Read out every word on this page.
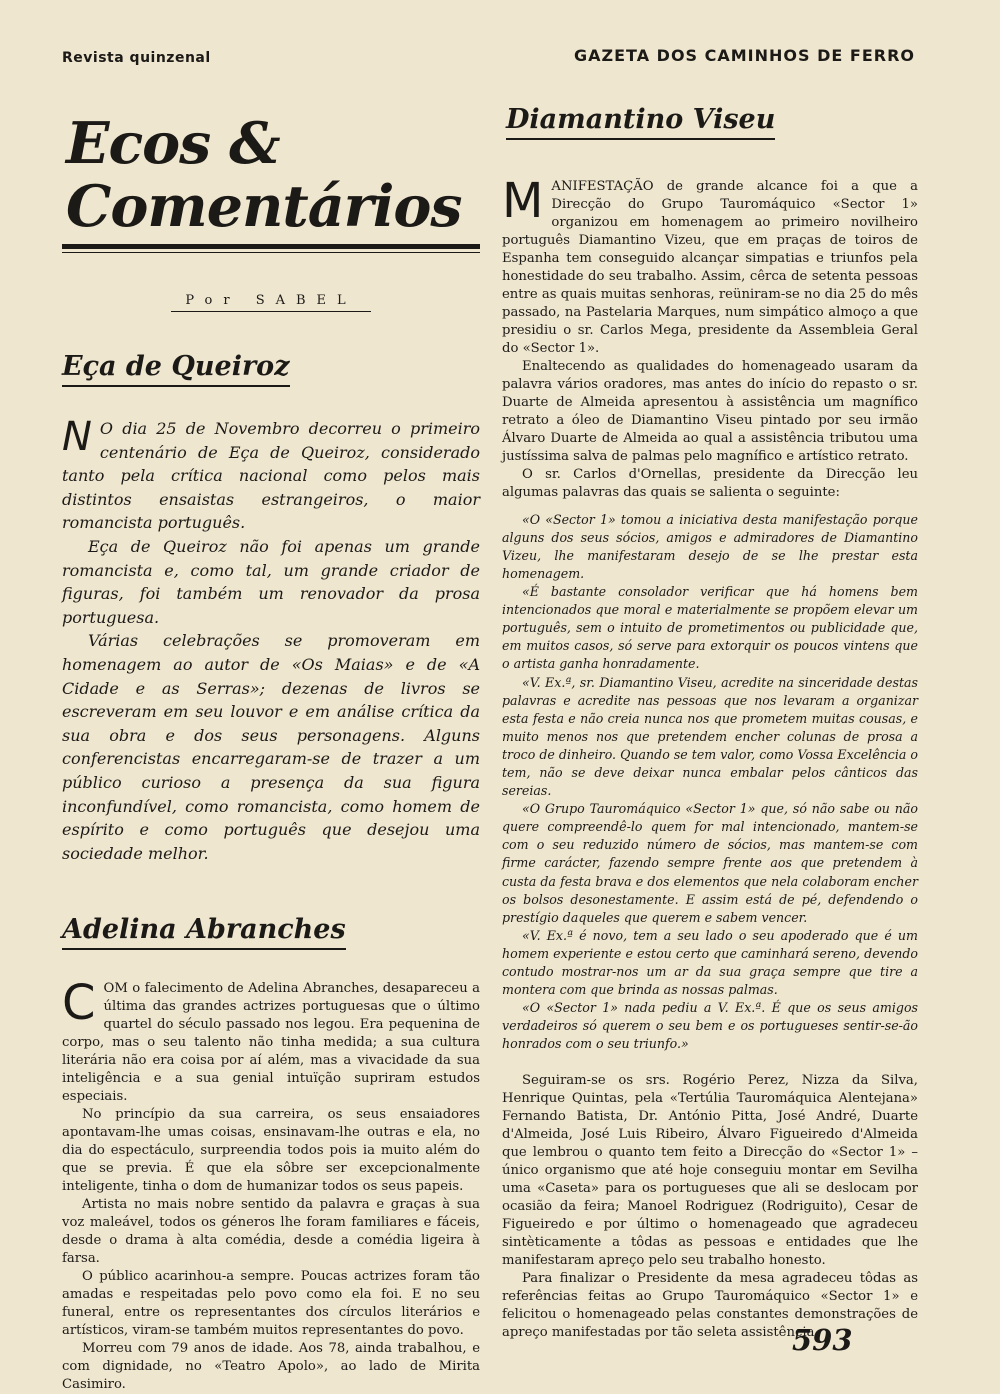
Revista quinzenal	GAZETA DOS CAMINHOS DE FERRO
Ecos & Comentários
Por SABEL
Eça de Queiroz

N O dia 25 de Novembro decorreu o primeiro centenário de Eça de Queiroz, considerado tanto pela crítica nacional como pelos mais distintos ensaistas estrangeiros, o maior romancista português.

Eça de Queiroz não foi apenas um grande romancista e, como tal, um grande criador de figuras, foi também um renovador da prosa portuguesa.

Várias celebrações se promoveram em homenagem ao autor de «Os Maias» e de «A Cidade e as Serras»; dezenas de livros se escreveram em seu louvor e em análise crítica da sua obra e dos seus personagens. Alguns conferencistas encarregaram-se de trazer a um público curioso a presença da sua figura inconfundível, como romancista, como homem de espírito e como português que desejou uma sociedade melhor.

Adelina Abranches

COM o falecimento de Adelina Abranches, desapareceu a última das grandes actrizes portuguesas que o último quartel do século passado nos legou. Era pequenina de corpo, mas o seu talento não tinha medida; a sua cultura literária não era coisa por aí além, mas a vivacidade da sua inteligência e a sua genial intuïção supriram estudos especiais.

No princípio da sua carreira, os seus ensaiadores apontavam-lhe umas coisas, ensinavam-lhe outras e ela, no dia do espectáculo, surpreendia todos pois ia muito além do que se previa. É que ela sôbre ser excepcionalmente inteligente, tinha o dom de humanizar todos os seus papeis.

Artista no mais nobre sentido da palavra e graças à sua voz maleável, todos os géneros lhe foram familiares e fáceis, desde o drama à alta comédia, desde a comédia ligeira à farsa.

O público acarinhou-a sempre. Poucas actrizes foram tão amadas e respeitadas pelo povo como ela foi. E no seu funeral, entre os representantes dos círculos literários e artísticos, viram-se também muitos representantes do povo.

Morreu com 79 anos de idade. Aos 78, ainda trabalhou, e com dignidade, no «Teatro Apolo», ao lado de Mirita Casimiro.

Diamantino Viseu

MANIFESTAÇÃO de grande alcance foi a que a Direcção do Grupo Tauromáquico «Sector 1» organizou em homenagem ao primeiro novilheiro português Diamantino Vizeu, que em praças de toiros de Espanha tem conseguido alcançar simpatias e triunfos pela honestidade do seu trabalho. Assim, cêrca de setenta pessoas entre as quais muitas senhoras, reüniram-se no dia 25 do mês passado, na Pastelaria Marques, num simpático almoço a que presidiu o sr. Carlos Mega, presidente da Assembleia Geral do «Sector 1».

Enaltecendo as qualidades do homenageado usaram da palavra vários oradores, mas antes do início do repasto o sr. Duarte de Almeida apresentou à assistência um magnífico retrato a óleo de Diamantino Viseu pintado por seu irmão Álvaro Duarte de Almeida ao qual a assistência tributou uma justíssima salva de palmas pelo magnífico e artístico retrato.

O sr. Carlos d'Ornellas, presidente da Direcção leu algumas palavras das quais se salienta o seguinte:

«O «Sector 1» tomou a iniciativa desta manifestação porque alguns dos seus sócios, amigos e admiradores de Diamantino Vizeu, lhe manifestaram desejo de se lhe prestar esta homenagem.

«É bastante consolador verificar que há homens bem intencionados que moral e materialmente se propõem elevar um português, sem o intuito de prometimentos ou publicidade que, em muitos casos, só serve para extorquir os poucos vintens que o artista ganha honradamente.

«V. Ex.ª, sr. Diamantino Viseu, acredite na sinceridade destas palavras e acredite nas pessoas que nos levaram a organizar esta festa e não creia nunca nos que prometem muitas cousas, e muito menos nos que pretendem encher colunas de prosa a troco de dinheiro. Quando se tem valor, como Vossa Excelência o tem, não se deve deixar nunca embalar pelos cânticos das sereias.

«O Grupo Tauromáquico «Sector 1» que, só não sabe ou não quere compreendê-lo quem for mal intencionado, mantem-se com o seu reduzido número de sócios, mas mantem-se com firme carácter, fazendo sempre frente aos que pretendem à custa da festa brava e dos elementos que nela colaboram encher os bolsos desonestamente. E assim está de pé, defendendo o prestígio daqueles que querem e sabem vencer.

«V. Ex.ª é novo, tem a seu lado o seu apoderado que é um homem experiente e estou certo que caminhará sereno, devendo contudo mostrar-nos um ar da sua graça sempre que tire a montera com que brinda as nossas palmas.

«O «Sector 1» nada pediu a V. Ex.ª. É que os seus amigos verdadeiros só querem o seu bem e os portugueses sentir-se-ão honrados com o seu triunfo.»

Seguiram-se os srs. Rogério Perez, Nizza da Silva, Henrique Quintas, pela «Tertúlia Tauromáquica Alentejana» Fernando Batista, Dr. António Pitta, José André, Duarte d'Almeida, José Luis Ribeiro, Álvaro Figueiredo d'Almeida que lembrou o quanto tem feito a Direcção do «Sector 1» – único organismo que até hoje conseguiu montar em Sevilha uma «Caseta» para os portugueses que ali se deslocam por ocasião da feira; Manoel Rodriguez (Rodriguito), Cesar de Figueiredo e por último o homenageado que agradeceu sintèticamente a tôdas as pessoas e entidades que lhe manifestaram apreço pelo seu trabalho honesto.

Para finalizar o Presidente da mesa agradeceu tôdas as referências feitas ao Grupo Tauromáquico «Sector 1» e felicitou o homenageado pelas constantes demonstrações de apreço manifestadas por tão seleta assistência.

593
